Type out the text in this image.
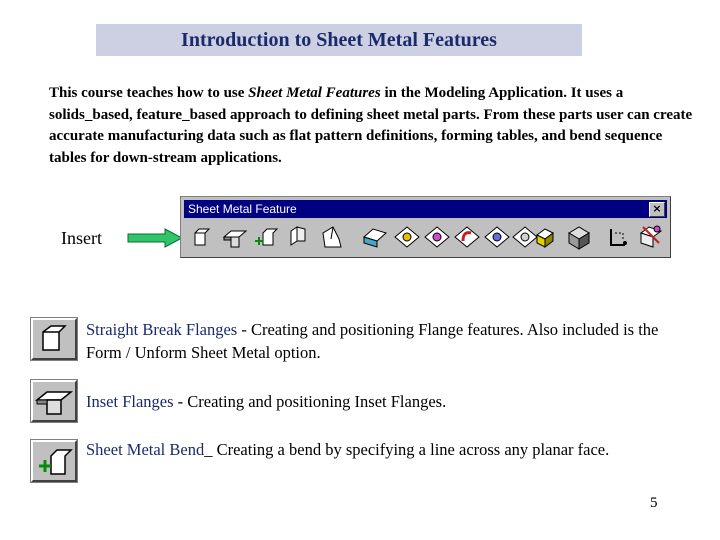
Introduction to Sheet Metal Features
This course teaches how to use Sheet Metal Features in the Modeling Application. It uses a solids_based, feature_based approach to defining sheet metal parts. From these parts user can create accurate manufacturing data such as flat pattern definitions, forming tables, and bend sequence tables for down-stream applications.
Insert
Sheet Metal Feature	×
Straight Break Flanges - Creating and positioning Flange features. Also included is the Form / Unform Sheet Metal option.
Inset Flanges - Creating and positioning Inset Flanges.
Sheet Metal Bend_ Creating a bend by specifying a line across any planar face.
5
